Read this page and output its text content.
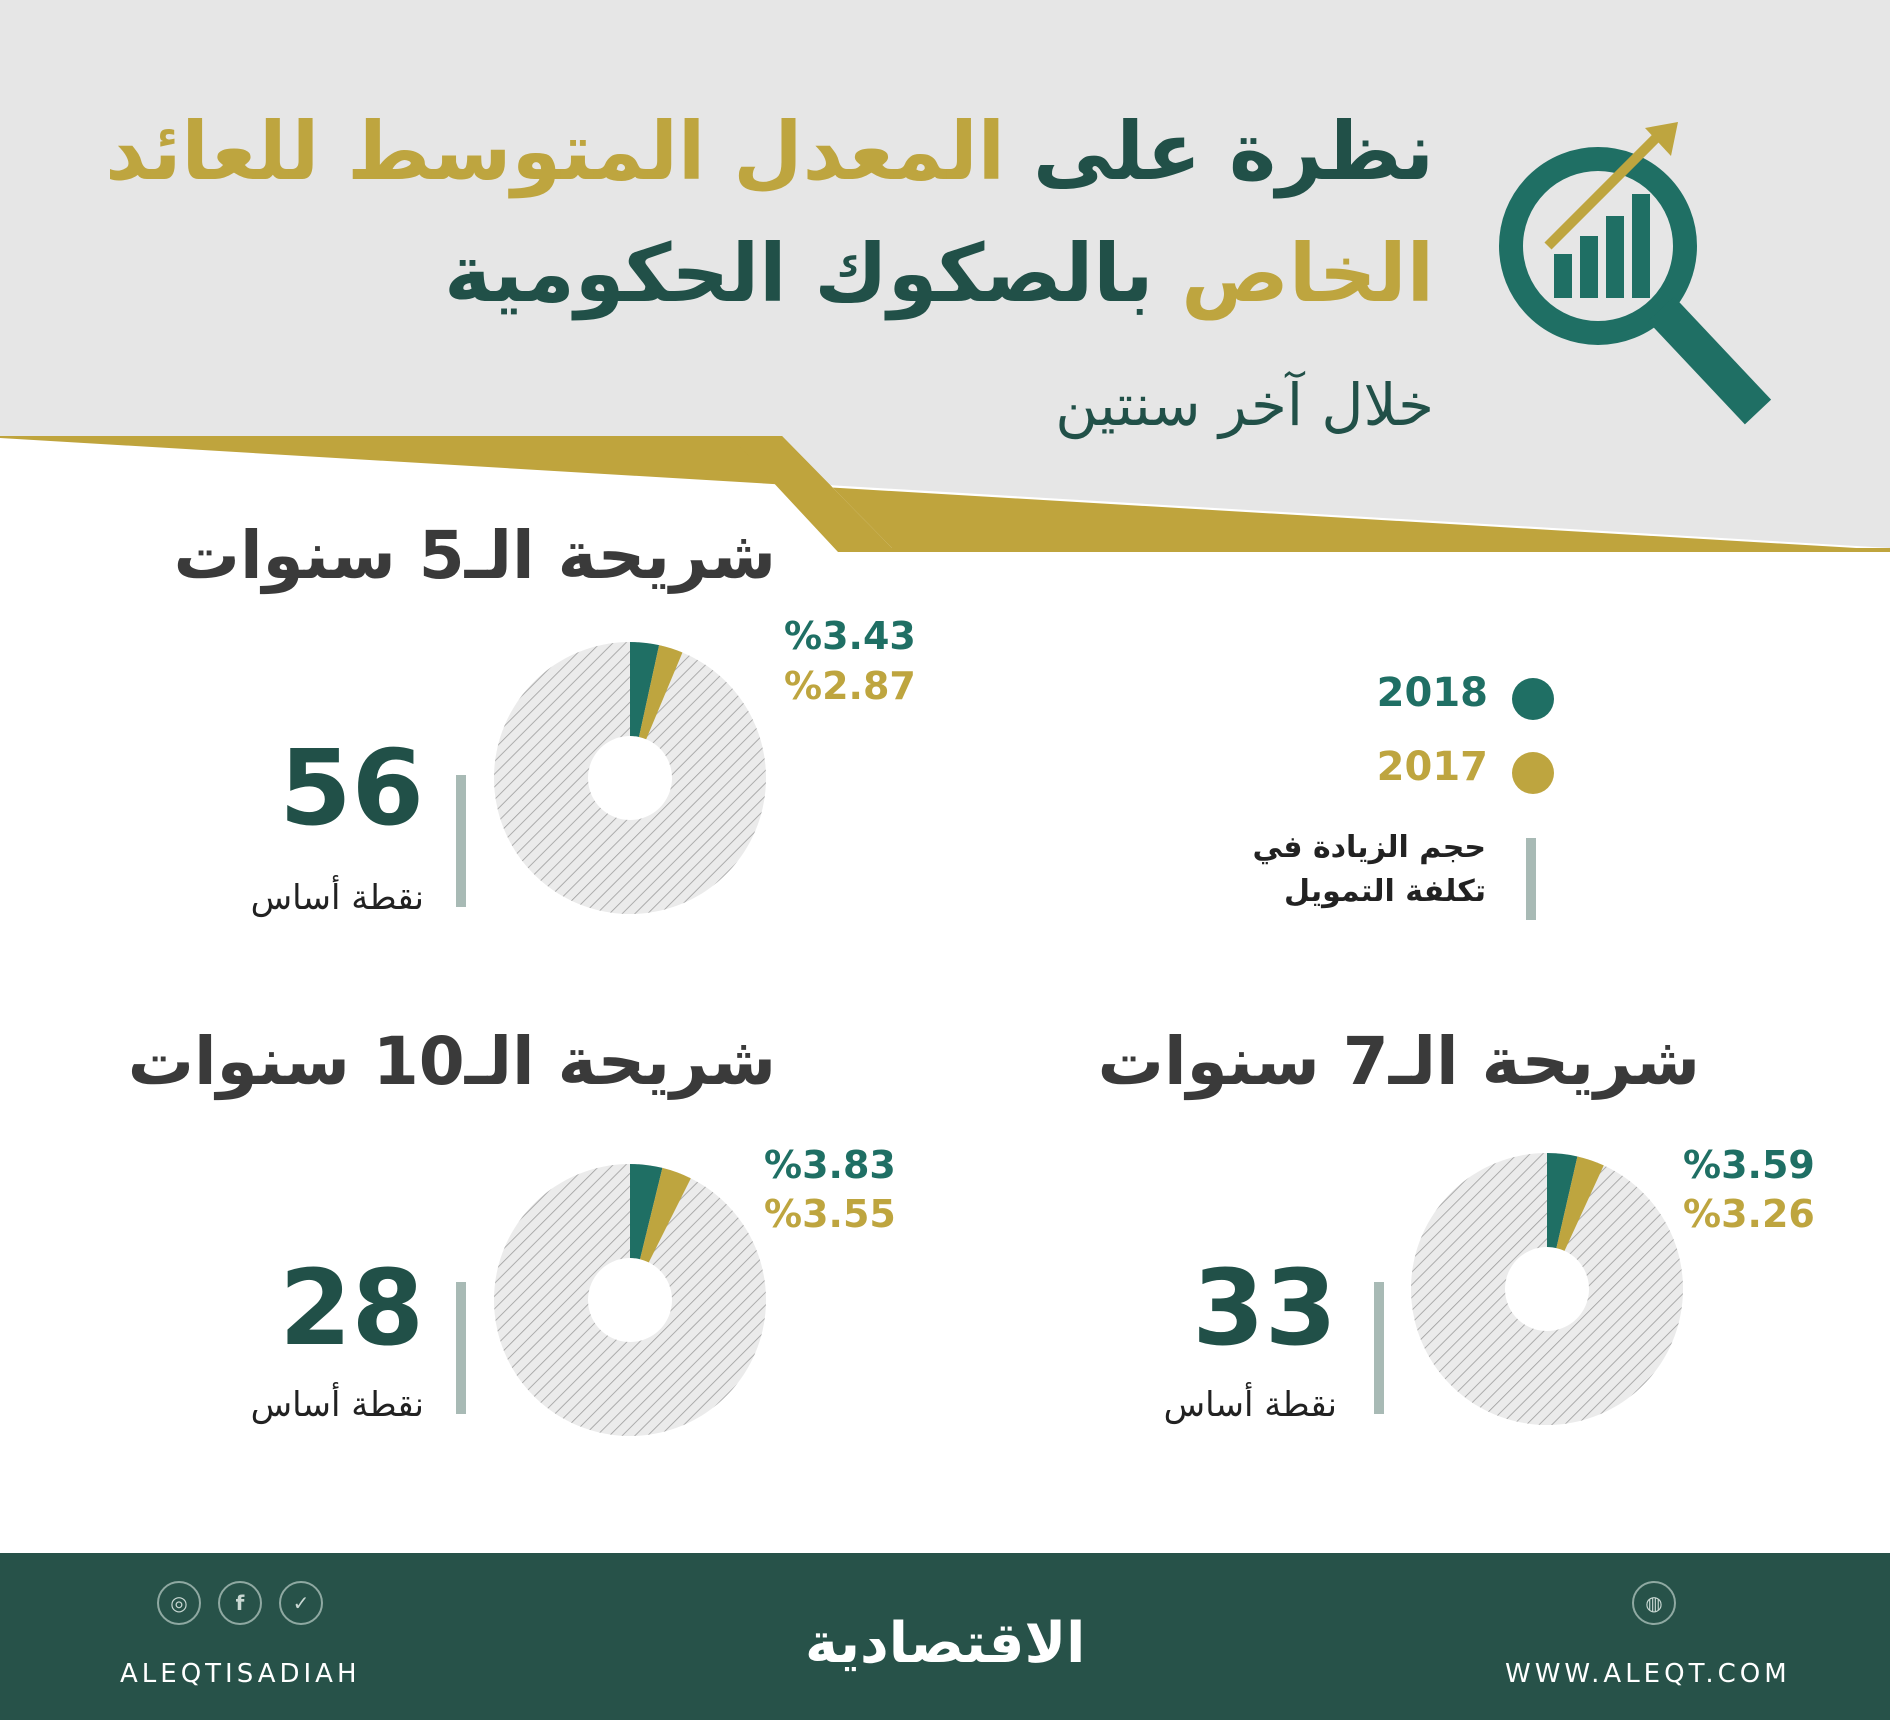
نظرة على المعدل المتوسط للعائد
الخاص بالصكوك الحكومية

خلال آخر سنتين

2018
2017
حجم الزيادة في
تكلفة التمويل
شريحة الـ5 سنوات
%3.43
%2.87
56
نقطة أساس
شريحة الـ7 سنوات
%3.59
%3.26
33
نقطة أساس
شريحة الـ10 سنوات
%3.83
%3.55
28
نقطة أساس
◎	f	✓
ALEQTISADIAH	الاقتصادية
◍
WWW.ALEQT.COM
